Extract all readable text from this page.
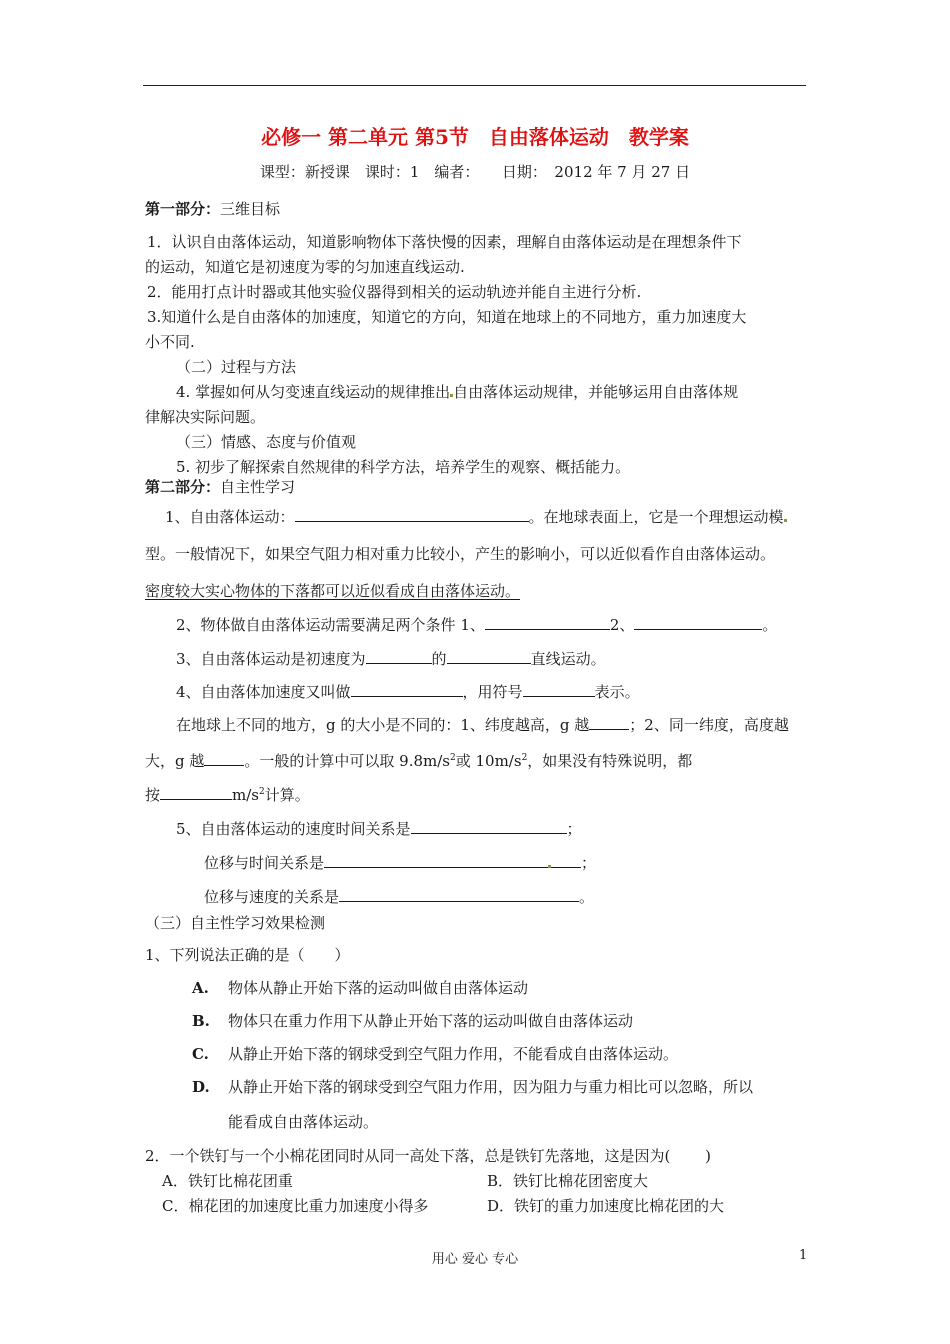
必修一 第二单元 第5节　自由落体运动　教学案
课型：新授课　课时：1　编者：　　日期：　2012 年 7 月 27 日
第一部分：三维目标
1．认识自由落体运动，知道影响物体下落快慢的因素，理解自由落体运动是在理想条件下
的运动，知道它是初速度为零的匀加速直线运动.
2．能用打点计时器或其他实验仪器得到相关的运动轨迹并能自主进行分析.
3.知道什么是自由落体的加速度，知道它的方向，知道在地球上的不同地方，重力加速度大
小不同.
（二）过程与方法
4. 掌握如何从匀变速直线运动的规律推出 自由落体运动规律，并能够运用自由落体规
律解决实际问题。
（三）情感、态度与价值观
5. 初步了解探索自然规律的科学方法，培养学生的观察、概括能力。
第二部分：自主性学习
1、自由落体运动：	。在地球表面上，它是一个理想运动模
型。一般情况下，如果空气阻力相对重力比较小，产生的影响小，可以近似看作自由落体运动。
密度较大实心物体的下落都可以近似看成自由落体运动。
2、物体做自由落体运动需要满足两个条件 1、	2、	。
3、自由落体运动是初速度为	的	直线运动。
4、自由落体加速度又叫做	，用符号	表示。
在地球上不同的地方，g 的大小是不同的：1、纬度越高，g 越	；2、同一纬度，高度越
大，g 越	。一般的计算中可以取 $9.8m/s^2$或 $10m/s^2$，如果没有特殊说明，都
按	$m/s^2$计算。
5、自由落体运动的速度时间关系是	；
位移与时间关系是	；
位移与速度的关系是	。
（三）自主性学习效果检测
1、下列说法正确的是（　　）
A. 物体从静止开始下落的运动叫做自由落体运动
B. 物体只在重力作用下从静止开始下落的运动叫做自由落体运动
C. 从静止开始下落的钢球受到空气阻力作用，不能看成自由落体运动。
D. 从静止开始下落的钢球受到空气阻力作用，因为阻力与重力相比可以忽略，所以
能看成自由落体运动。
2．一个铁钉与一个小棉花团同时从同一高处下落，总是铁钉先落地，这是因为(　　 )
A．铁钉比棉花团重	B．铁钉比棉花团密度大
C．棉花团的加速度比重力加速度小得多	D．铁钉的重力加速度比棉花团的大
用心 爱心 专心	1
